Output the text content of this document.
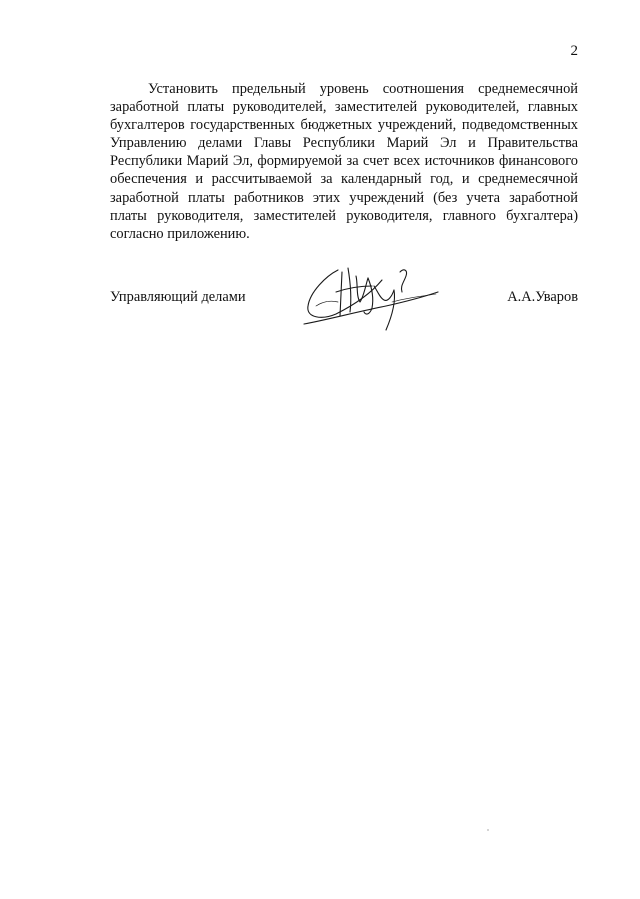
2

Установить предельный уровень соотношения среднемесячной заработной платы руководителей, заместителей руководителей, главных бухгалтеров государственных бюджетных учреждений, подведомственных Управлению делами Главы Республики Марий Эл и Правительства Республики Марий Эл, формируемой за счет всех источников финансового обеспечения и рассчитываемой за календарный год, и среднемесячной заработной платы работников этих учреждений (без учета заработной платы руководителя, заместителей руководителя, главного бухгалтера) согласно приложению.

Управляющий делами	А.А.Уваров
